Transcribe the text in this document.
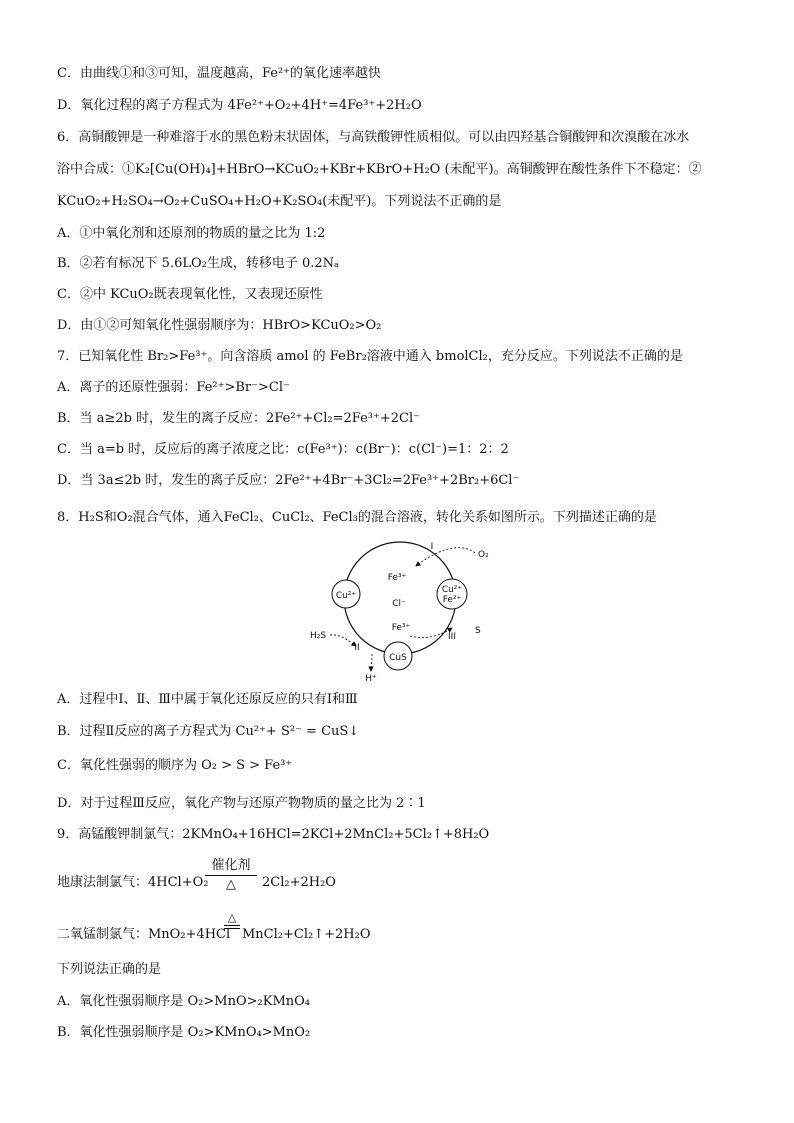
C．由曲线①和③可知，温度越高，Fe²⁺的氧化速率越快
D．氧化过程的离子方程式为 4Fe²⁺+O₂+4H⁺=4Fe³⁺+2H₂O
6．高铜酸钾是一种难溶于水的黑色粉末状固体，与高铁酸钾性质相似。可以由四羟基合铜酸钾和次溴酸在冰水
浴中合成：①K₂[Cu(OH)₄]+HBrO→KCuO₂+KBr+KBrO+H₂O (未配平)。高铜酸钾在酸性条件下不稳定：②
KCuO₂+H₂SO₄→O₂+CuSO₄+H₂O+K₂SO₄(未配平)。下列说法不正确的是
A．①中氧化剂和还原剂的物质的量之比为 1:2
B．②若有标况下 5.6LO₂生成，转移电子 0.2Nₐ
C．②中 KCuO₂既表现氧化性，又表现还原性
D．由①②可知氧化性强弱顺序为：HBrO>KCuO₂>O₂
7．已知氧化性 Br₂>Fe³⁺。向含溶质 amol 的 FeBr₂溶液中通入 bmolCl₂，充分反应。下列说法不正确的是
A．离子的还原性强弱：Fe²⁺>Br⁻>Cl⁻
B．当 a≥2b 时，发生的离子反应：2Fe²⁺+Cl₂=2Fe³⁺+2Cl⁻
C．当 a=b 时，反应后的离子浓度之比：c(Fe³⁺)：c(Br⁻)：c(Cl⁻)=1：2：2
D．当 3a≤2b 时，发生的离子反应：2Fe²⁺+4Br⁻+3Cl₂=2Fe³⁺+2Br₂+6Cl⁻
8．H₂S和O₂混合气体，通入FeCl₂、CuCl₂、FeCl₃的混合溶液，转化关系如图所示。下列描述正确的是
Cu²⁺
Cu²⁺
Fe²⁺
CuS
Fe³⁺
Cl⁻
Fe³⁺
I
O₂
H₂S
II
H⁺
III
S
A．过程中Ⅰ、Ⅱ、Ⅲ中属于氧化还原反应的只有Ⅰ和Ⅲ
B．过程Ⅱ反应的离子方程式为 Cu²⁺+ S²⁻ = CuS↓
C．氧化性强弱的顺序为 O₂ > S > Fe³⁺
D．对于过程Ⅲ反应，氧化产物与还原产物物质的量之比为 2∶1
9．高锰酸钾制氯气：2KMnO₄+16HCl=2KCl+2MnCl₂+5Cl₂↑+8H₂O
地康法制氯气：4HCl+O₂
催化剂
△	2Cl₂+2H₂O
二氧锰制氯气：MnO₂+4HCl
△
MnCl₂+Cl₂↑+2H₂O
下列说法正确的是
A．氧化性强弱顺序是 O₂>MnO>₂KMnO₄
B．氧化性强弱顺序是 O₂>KMnO₄>MnO₂
